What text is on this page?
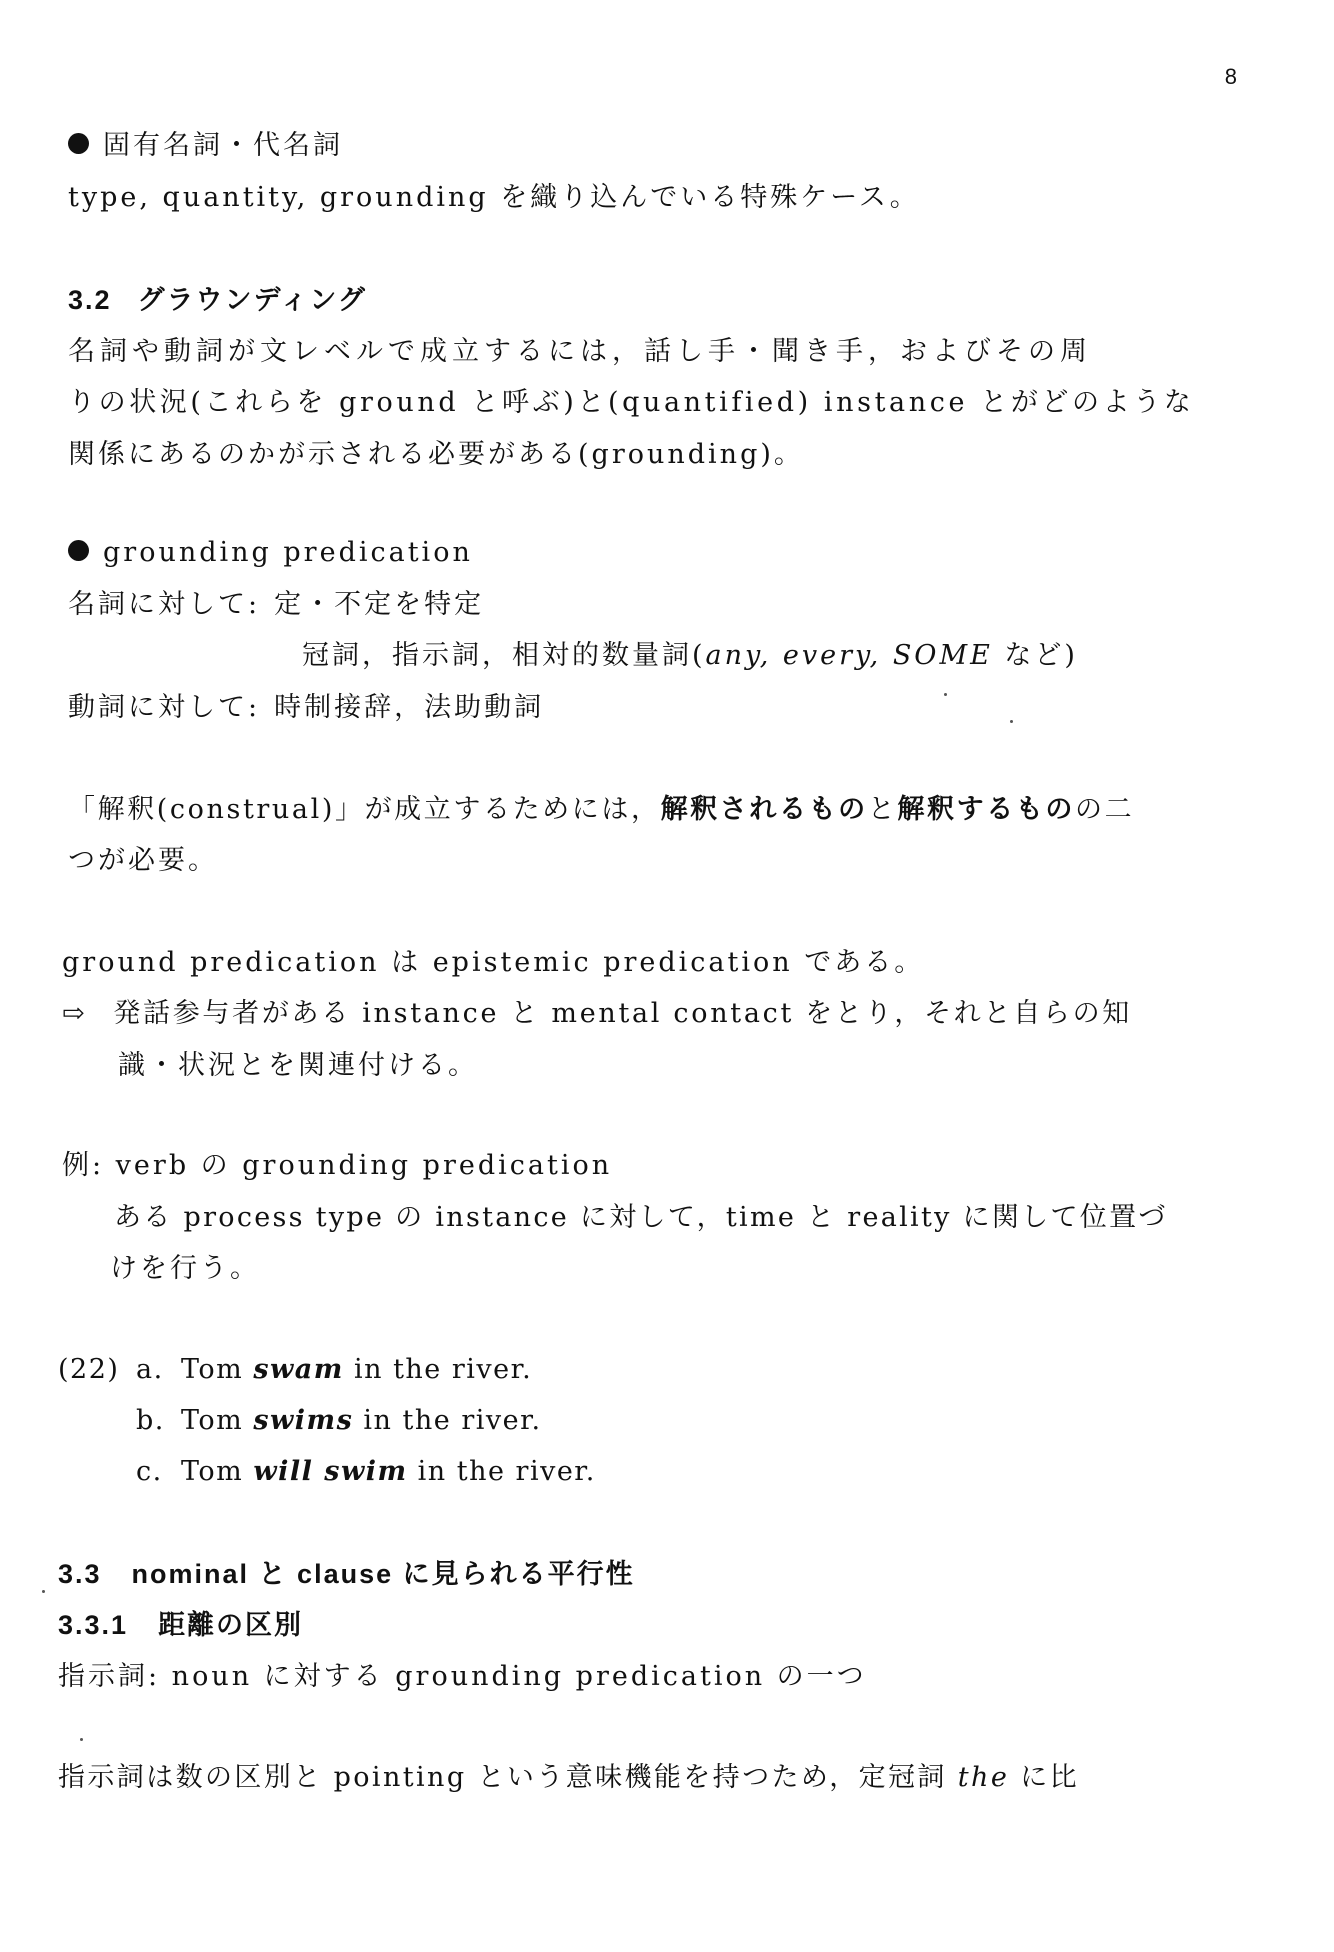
8
固有名詞・代名詞
type, quantity, grounding を織り込んでいる特殊ケース。
3.2 グラウンディング
名詞や動詞が文レベルで成立するには，話し手・聞き手，およびその周
りの状況(これらを ground と呼ぶ)と(quantified) instance とがどのような
関係にあるのかが示される必要がある(grounding)。
grounding predication
名詞に対して: 定・不定を特定
冠詞，指示詞，相対的数量詞(any, every, SOME など)
動詞に対して: 時制接辞，法助動詞
「解釈(construal)」が成立するためには，解釈されるものと解釈するものの二
つが必要。
ground predication は epistemic predication である。
⇨ 発話参与者がある instance と mental contact をとり，それと自らの知
識・状況とを関連付ける。
例: verb の grounding predication
ある process type の instance に対して，time と reality に関して位置づ
けを行う。
(22) a. Tom swam in the river.
b. Tom swims in the river.
c. Tom will swim in the river.
3.3 nominal と clause に見られる平行性
3.3.1 距離の区別
指示詞: noun に対する grounding predication の一つ
指示詞は数の区別と pointing という意味機能を持つため，定冠詞 the に比
